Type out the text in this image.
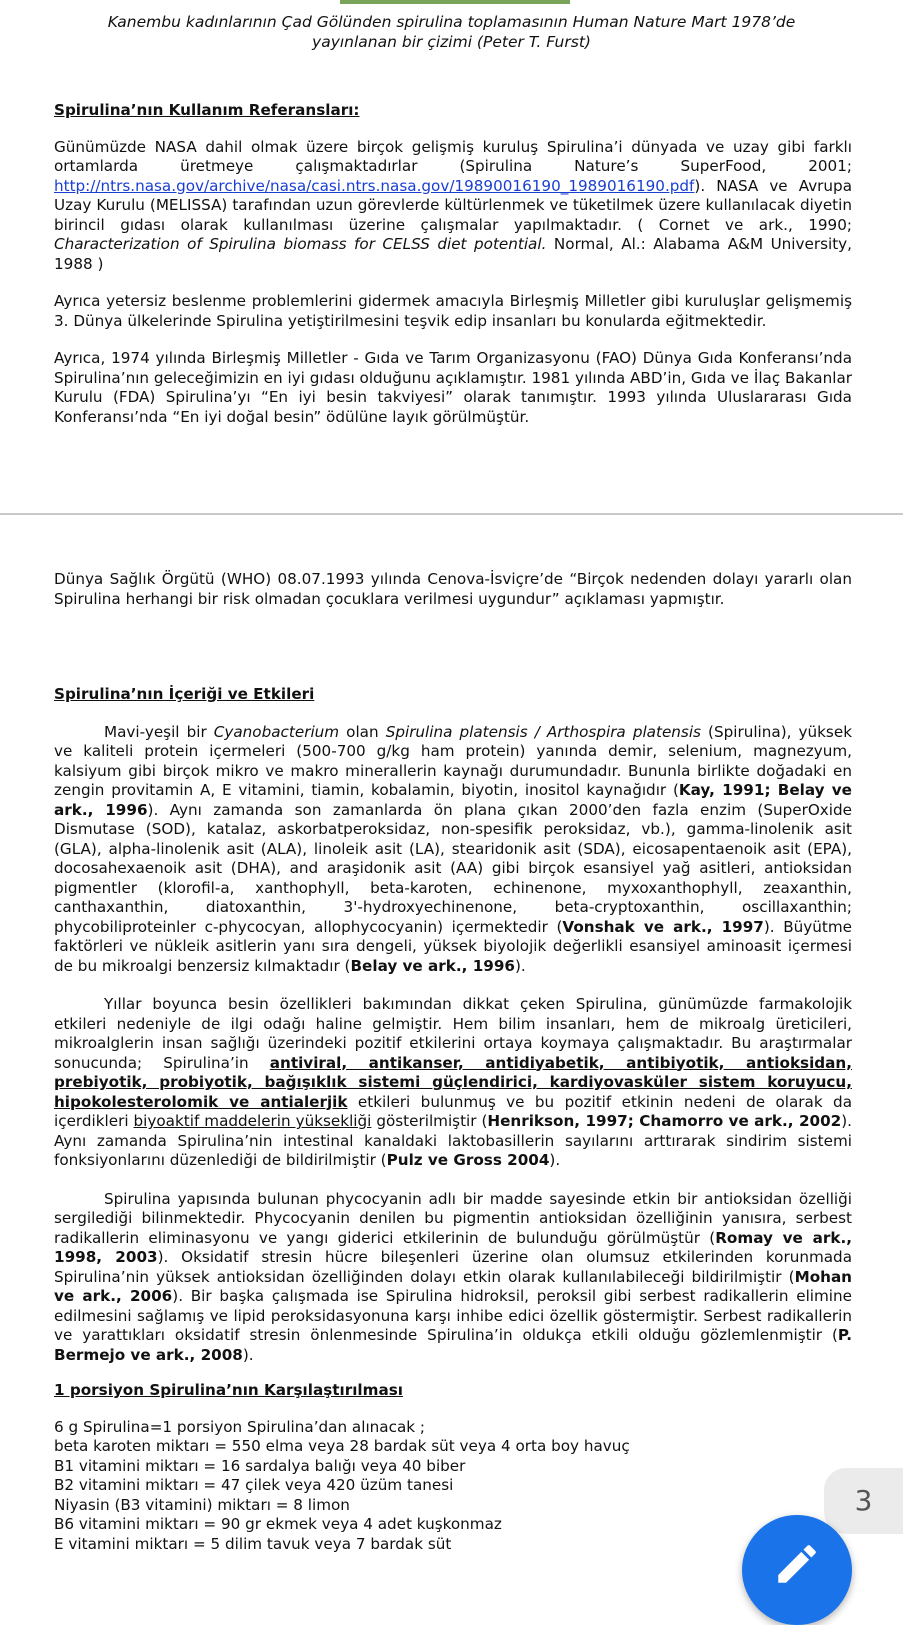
Kanembu kadınlarının Çad Gölünden spirulina toplamasının Human Nature Mart 1978’de
yayınlanan bir çizimi (Peter T. Furst)
Spirulina’nın Kullanım Referansları:

Günümüzde NASA dahil olmak üzere birçok gelişmiş kuruluş Spirulina’i dünyada ve uzay gibi farklı ortamlarda üretmeye çalışmaktadırlar (Spirulina Nature’s SuperFood, 2001; http://ntrs.nasa.gov/archive/nasa/casi.ntrs.nasa.gov/19890016190_1989016190.pdf). NASA ve Avrupa Uzay Kurulu (MELISSA) tarafından uzun görevlerde kültürlenmek ve tüketilmek üzere kullanılacak diyetin birincil gıdası olarak kullanılması üzerine çalışmalar yapılmaktadır. ( Cornet ve ark., 1990; Characterization of Spirulina biomass for CELSS diet potential. Normal, Al.: Alabama A&M University, 1988 )

Ayrıca yetersiz beslenme problemlerini gidermek amacıyla Birleşmiş Milletler gibi kuruluşlar gelişmemiş 3. Dünya ülkelerinde Spirulina yetiştirilmesini teşvik edip insanları bu konularda eğitmektedir.

Ayrıca, 1974 yılında Birleşmiş Milletler - Gıda ve Tarım Organizasyonu (FAO) Dünya Gıda Konferansı’nda Spirulina’nın geleceğimizin en iyi gıdası olduğunu açıklamıştır. 1981 yılında ABD’in, Gıda ve İlaç Bakanlar Kurulu (FDA) Spirulina’yı “En iyi besin takviyesi” olarak tanımıştır. 1993 yılında Uluslararası Gıda Konferansı’nda “En iyi doğal besin” ödülüne layık görülmüştür.

Dünya Sağlık Örgütü (WHO) 08.07.1993 yılında Cenova-İsviçre’de “Birçok nedenden dolayı yararlı olan Spirulina herhangi bir risk olmadan çocuklara verilmesi uygundur” açıklaması yapmıştır.

Spirulina’nın İçeriği ve Etkileri

Mavi-yeşil bir Cyanobacterium olan Spirulina platensis / Arthospira platensis (Spirulina), yüksek ve kaliteli protein içermeleri (500-700 g/kg ham protein) yanında demir, selenium, magnezyum, kalsiyum gibi birçok mikro ve makro minerallerin kaynağı durumundadır. Bununla birlikte doğadaki en zengin provitamin A, E vitamini, tiamin, kobalamin, biyotin, inositol kaynağıdır (Kay, 1991; Belay ve ark., 1996). Aynı zamanda son zamanlarda ön plana çıkan 2000’den fazla enzim (SuperOxide Dismutase (SOD), katalaz, askorbatperoksidaz, non-spesifik peroksidaz, vb.), gamma-linolenik asit (GLA), alpha-linolenik asit (ALA), linoleik asit (LA), stearidonik asit (SDA), eicosapentaenoik asit (EPA), docosahexaenoik asit (DHA), and araşidonik asit (AA) gibi birçok esansiyel yağ asitleri, antioksidan pigmentler (klorofil-a, xanthophyll, beta-karoten, echinenone, myxoxanthophyll, zeaxanthin, canthaxanthin, diatoxanthin, 3'-hydroxyechinenone, beta-cryptoxanthin, oscillaxanthin; phycobiliproteinler c-phycocyan, allophycocyanin) içermektedir (Vonshak ve ark., 1997). Büyütme faktörleri ve nükleik asitlerin yanı sıra dengeli, yüksek biyolojik değerlikli esansiyel aminoasit içermesi de bu mikroalgi benzersiz kılmaktadır (Belay ve ark., 1996).

Yıllar boyunca besin özellikleri bakımından dikkat çeken Spirulina, günümüzde farmakolojik etkileri nedeniyle de ilgi odağı haline gelmiştir. Hem bilim insanları, hem de mikroalg üreticileri, mikroalglerin insan sağlığı üzerindeki pozitif etkilerini ortaya koymaya çalışmaktadır. Bu araştırmalar sonucunda; Spirulina’in antiviral, antikanser, antidiyabetik, antibiyotik, antioksidan, prebiyotik, probiyotik, bağışıklık sistemi güçlendirici, kardiyovasküler sistem koruyucu, hipokolesterolomik ve antialerjik etkileri bulunmuş ve bu pozitif etkinin nedeni de olarak da içerdikleri biyoaktif maddelerin yüksekliği gösterilmiştir (Henrikson, 1997; Chamorro ve ark., 2002). Aynı zamanda Spirulina’nin intestinal kanaldaki laktobasillerin sayılarını arttırarak sindirim sistemi fonksiyonlarını düzenlediği de bildirilmiştir (Pulz ve Gross 2004).

Spirulina yapısında bulunan phycocyanin adlı bir madde sayesinde etkin bir antioksidan özelliği sergilediği bilinmektedir. Phycocyanin denilen bu pigmentin antioksidan özelliğinin yanısıra, serbest radikallerin eliminasyonu ve yangı giderici etkilerinin de bulunduğu görülmüştür (Romay ve ark., 1998, 2003). Oksidatif stresin hücre bileşenleri üzerine olan olumsuz etkilerinden korunmada Spirulina’nin yüksek antioksidan özelliğinden dolayı etkin olarak kullanılabileceği bildirilmiştir (Mohan ve ark., 2006). Bir başka çalışmada ise Spirulina hidroksil, peroksil gibi serbest radikallerin elimine edilmesini sağlamış ve lipid peroksidasyonuna karşı inhibe edici özellik göstermiştir. Serbest radikallerin ve yarattıkları oksidatif stresin önlenmesinde Spirulina’in oldukça etkili olduğu gözlemlenmiştir (P. Bermejo ve ark., 2008).

1 porsiyon Spirulina’nın Karşılaştırılması

6 g Spirulina=1 porsiyon Spirulina’dan alınacak ;

beta karoten miktarı = 550 elma veya 28 bardak süt veya 4 orta boy havuç

B1 vitamini miktarı = 16 sardalya balığı veya 40 biber

B2 vitamini miktarı = 47 çilek veya 420 üzüm tanesi

Niyasin (B3 vitamini) miktarı = 8 limon

B6 vitamini miktarı = 90 gr ekmek veya 4 adet kuşkonmaz

E vitamini miktarı = 5 dilim tavuk veya 7 bardak süt

3
